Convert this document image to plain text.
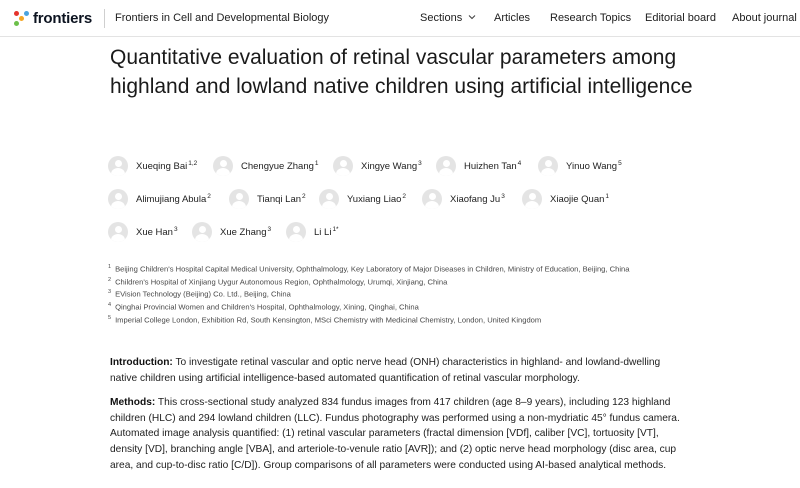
frontiers Frontiers in Cell and Developmental Biology	Sections	Articles Research Topics Editorial board About journal
Quantitative evaluation of retinal vascular parameters among highland and lowland native children using artificial intelligence
Xueqing Bai$^{1,2}$	Chengyue Zhang$^1$	Xingye Wang$^3$	Huizhen Tan$^4$	Yinuo Wang$^5$
Alimujiang Abula$^2$	Tianqi Lan$^2$	Yuxiang Liao$^2$	Xiaofang Ju$^3$	Xiaojie Quan$^1$
Xue Han$^3$	Xue Zhang$^3$	Li $Li^{1*}$
$^1$ Beijing Children's Hospital Capital Medical University, Ophthalmology, Key Laboratory of Major Diseases in Children, Ministry of Education, Beijing, China
$^2$ Children's Hospital of Xinjiang Uygur Autonomous Region, Ophthalmology, Urumqi, Xinjiang, China
$^3$ EVision Technology (Beijing) Co. Ltd., Beijing, China
$^4$ Qinghai Provincial Women and Children's Hospital, Ophthalmology, Xining, Qinghai, China
$^5$ Imperial College London, Exhibition Rd, South Kensington, MSci Chemistry with Medicinal Chemistry, London, United Kingdom

Introduction: To investigate retinal vascular and optic nerve head (ONH) characteristics in highland- and lowland-dwelling native children using artificial intelligence-based automated quantification of retinal vascular morphology.

Methods: This cross-sectional study analyzed 834 fundus images from 417 children (age 8–9 years), including 123 highland children (HLC) and 294 lowland children (LLC). Fundus photography was performed using a non-mydriatic 45° fundus camera. Automated image analysis quantified: (1) retinal vascular parameters (fractal dimension [VDf], caliber [VC], tortuosity [VT], density [VD], branching angle [VBA], and arteriole-to-venule ratio [AVR]); and (2) optic nerve head morphology (disc area, cup area, and cup-to-disc ratio [C/D]). Group comparisons of all parameters were conducted using AI-based analytical methods.
